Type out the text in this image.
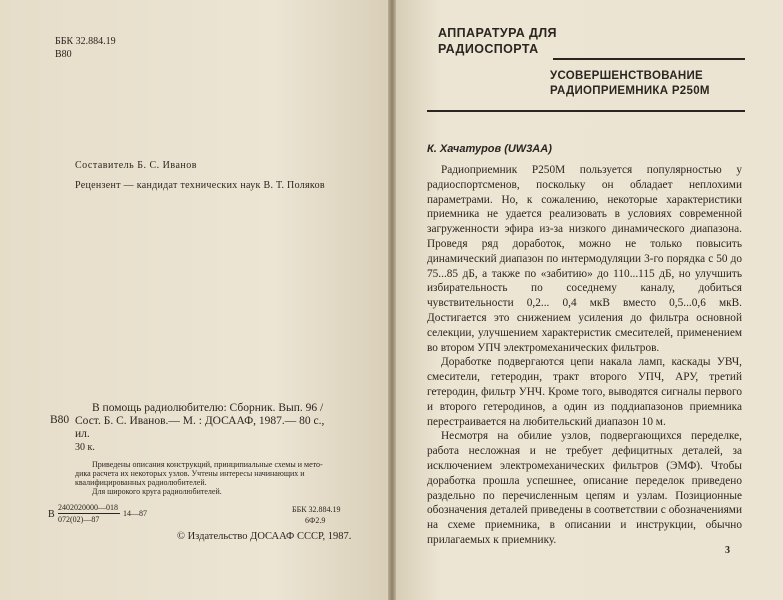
ББК 32.884.19
В80
Составитель Б. С. Иванов
Рецензент — кандидат технических наук В. Т. Поляков
В80
В помощь радиолюбителю: Сборник. Вып. 96 /
Сост. Б. С. Иванов.— М. : ДОСААФ, 1987.— 80 с.,
ил.
30 к.
Приведены описания конструкций, принципиальные схемы и мето-
дика расчета их некоторых узлов. Учтены интересы начинающих и
квалифицированных радиолюбителей.
Для широкого круга радиолюбителей.
В
2402020000—018
072(02)—87
14—87	ББК 32.884.19
6Ф2.9
© Издательство ДОСААФ СССР, 1987.
АППАРАТУРА ДЛЯ
РАДИОСПОРТА
УСОВЕРШЕНСТВОВАНИЕ
РАДИОПРИЕМНИКА Р250М
К. Хачатуров (UW3AA)
3

Радиоприемник Р250М пользуется популярностью у радиоспортсменов, поскольку он обладает неплохими параметрами. Но, к сожалению, некоторые характеристики приемника не удается реализовать в условиях современной загруженности эфира из-за низкого динамического диапазона. Проведя ряд доработок, можно не только повысить динамический диапазон по интермодуляции 3-го порядка с 50 до 75...85 дБ, а также по «забитию» до 110...115 дБ, но улучшить избирательность по соседнему каналу, добиться чувствительности 0,2... 0,4 мкВ вместо 0,5...0,6 мкВ. Достигается это снижением усиления до фильтра основной селекции, улучшением характеристик смесителей, применением во втором УПЧ электромеханических фильтров.

Доработке подвергаются цепи накала ламп, каскады УВЧ, смесители, гетеродин, тракт второго УПЧ, АРУ, третий гетеродин, фильтр УНЧ. Кроме того, выводятся сигналы первого и второго гетеродинов, а один из поддиапазонов приемника перестраивается на любительский диапазон 10 м.

Несмотря на обилие узлов, подвергающихся переделке, работа несложная и не требует дефицитных деталей, за исключением электромеханических фильтров (ЭМФ). Чтобы доработка прошла успешнее, описание переделок приведено раздельно по перечисленным цепям и узлам. Позиционные обозначения деталей приведены в соответствии с обозначениями на схеме приемника, в описании и инструкции, обычно прилагаемых к приемнику.
